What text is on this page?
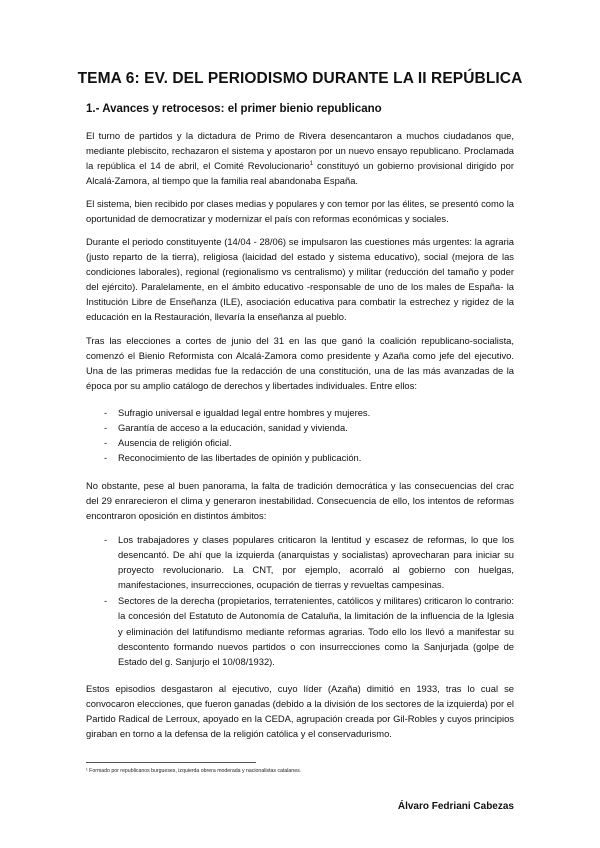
TEMA 6: EV. DEL PERIODISMO DURANTE LA II REPÚBLICA
1.- Avances y retrocesos: el primer bienio republicano

El turno de partidos y la dictadura de Primo de Rivera desencantaron a muchos ciudadanos que, mediante plebiscito, rechazaron el sistema y apostaron por un nuevo ensayo republicano. Proclamada la república el 14 de abril, el Comité Revolucionario$^1$ constituyó un gobierno provisional dirigido por Alcalá-Zamora, al tiempo que la familia real abandonaba España.

El sistema, bien recibido por clases medias y populares y con temor por las élites, se presentó como la oportunidad de democratizar y modernizar el país con reformas económicas y sociales.

Durante el periodo constituyente (14/04 - 28/06) se impulsaron las cuestiones más urgentes: la agraria (justo reparto de la tierra), religiosa (laicidad del estado y sistema educativo), social (mejora de las condiciones laborales), regional (regionalismo vs centralismo) y militar (reducción del tamaño y poder del ejército). Paralelamente, en el ámbito educativo -responsable de uno de los males de España- la Institución Libre de Enseñanza (ILE), asociación educativa para combatir la estrechez y rigidez de la educación en la Restauración, llevaría la enseñanza al pueblo.

Tras las elecciones a cortes de junio del 31 en las que ganó la coalición republicano-socialista, comenzó el Bienio Reformista con Alcalá-Zamora como presidente y Azaña como jefe del ejecutivo. Una de las primeras medidas fue la redacción de una constitución, una de las más avanzadas de la época por su amplio catálogo de derechos y libertades individuales. Entre ellos:

- Sufragio universal e igualdad legal entre hombres y mujeres.
- Garantía de acceso a la educación, sanidad y vivienda.
- Ausencia de religión oficial.
- Reconocimiento de las libertades de opinión y publicación.

No obstante, pese al buen panorama, la falta de tradición democrática y las consecuencias del crac del 29 enrarecieron el clima y generaron inestabilidad. Consecuencia de ello, los intentos de reformas encontraron oposición en distintos ámbitos:

- Los trabajadores y clases populares criticaron la lentitud y escasez de reformas, lo que los desencantó. De ahí que la izquierda (anarquistas y socialistas) aprovecharan para iniciar su proyecto revolucionario. La CNT, por ejemplo, acorraló al gobierno con huelgas, manifestaciones, insurrecciones, ocupación de tierras y revueltas campesinas.
- Sectores de la derecha (propietarios, terratenientes, católicos y militares) criticaron lo contrario: la concesión del Estatuto de Autonomía de Cataluña, la limitación de la influencia de la Iglesia y eliminación del latifundismo mediante reformas agrarias. Todo ello los llevó a manifestar su descontento formando nuevos partidos o con insurrecciones como la Sanjurjada (golpe de Estado del g. Sanjurjo el 10/08/1932).

Estos episodios desgastaron al ejecutivo, cuyo líder (Azaña) dimitió en 1933, tras lo cual se convocaron elecciones, que fueron ganadas (debido a la división de los sectores de la izquierda) por el Partido Radical de Lerroux, apoyado en la CEDA, agrupación creada por Gil-Robles y cuyos principios giraban en torno a la defensa de la religión católica y el conservadurismo.

¹ Formado por republicanos burgueses, izquierda obrera moderada y nacionalistas catalanes.
Álvaro Fedriani Cabezas
